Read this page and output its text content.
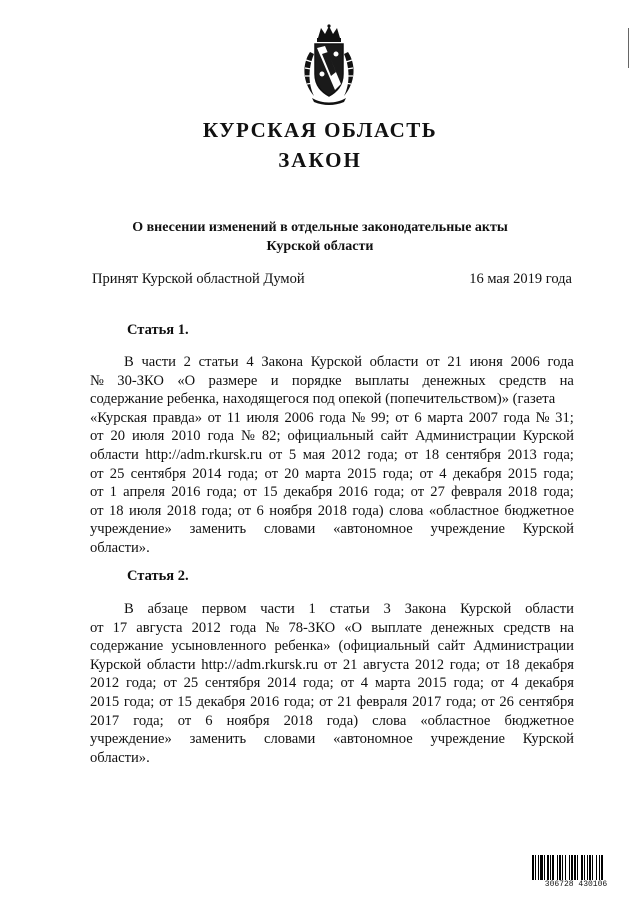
КУРСКАЯ ОБЛАСТЬ
ЗАКОН
О внесении изменений в отдельные законодательные акты
Курской области
Принят Курской областной Думой	16 мая 2019 года
Статья 1.
В части 2 статьи 4 Закона Курской области от 21 июня 2006 года
№ 30-ЗКО «О размере и порядке выплаты денежных средств на
содержание ребенка, находящегося под опекой (попечительством)» (газета
«Курская правда» от 11 июля 2006 года № 99; от 6 марта 2007 года № 31;
от 20 июля 2010 года № 82; официальный сайт Администрации Курской
области http://adm.rkursk.ru от 5 мая 2012 года; от 18 сентября 2013 года;
от 25 сентября 2014 года; от 20 марта 2015 года; от 4 декабря 2015 года;
от 1 апреля 2016 года; от 15 декабря 2016 года; от 27 февраля 2018 года;
от 18 июля 2018 года; от 6 ноября 2018 года) слова «областное бюджетное
учреждение» заменить словами «автономное учреждение Курской
области».
Статья 2.
В абзаце первом части 1 статьи 3 Закона Курской области
от 17 августа 2012 года № 78-ЗКО «О выплате денежных средств на
содержание усыновленного ребенка» (официальный сайт Администрации
Курской области http://adm.rkursk.ru от 21 августа 2012 года; от 18 декабря
2012 года; от 25 сентября 2014 года; от 4 марта 2015 года; от 4 декабря
2015 года; от 15 декабря 2016 года; от 21 февраля 2017 года; от 26 сентября
2017 года; от 6 ноября 2018 года) слова «областное бюджетное
учреждение» заменить словами «автономное учреждение Курской
области».
306728 430106
